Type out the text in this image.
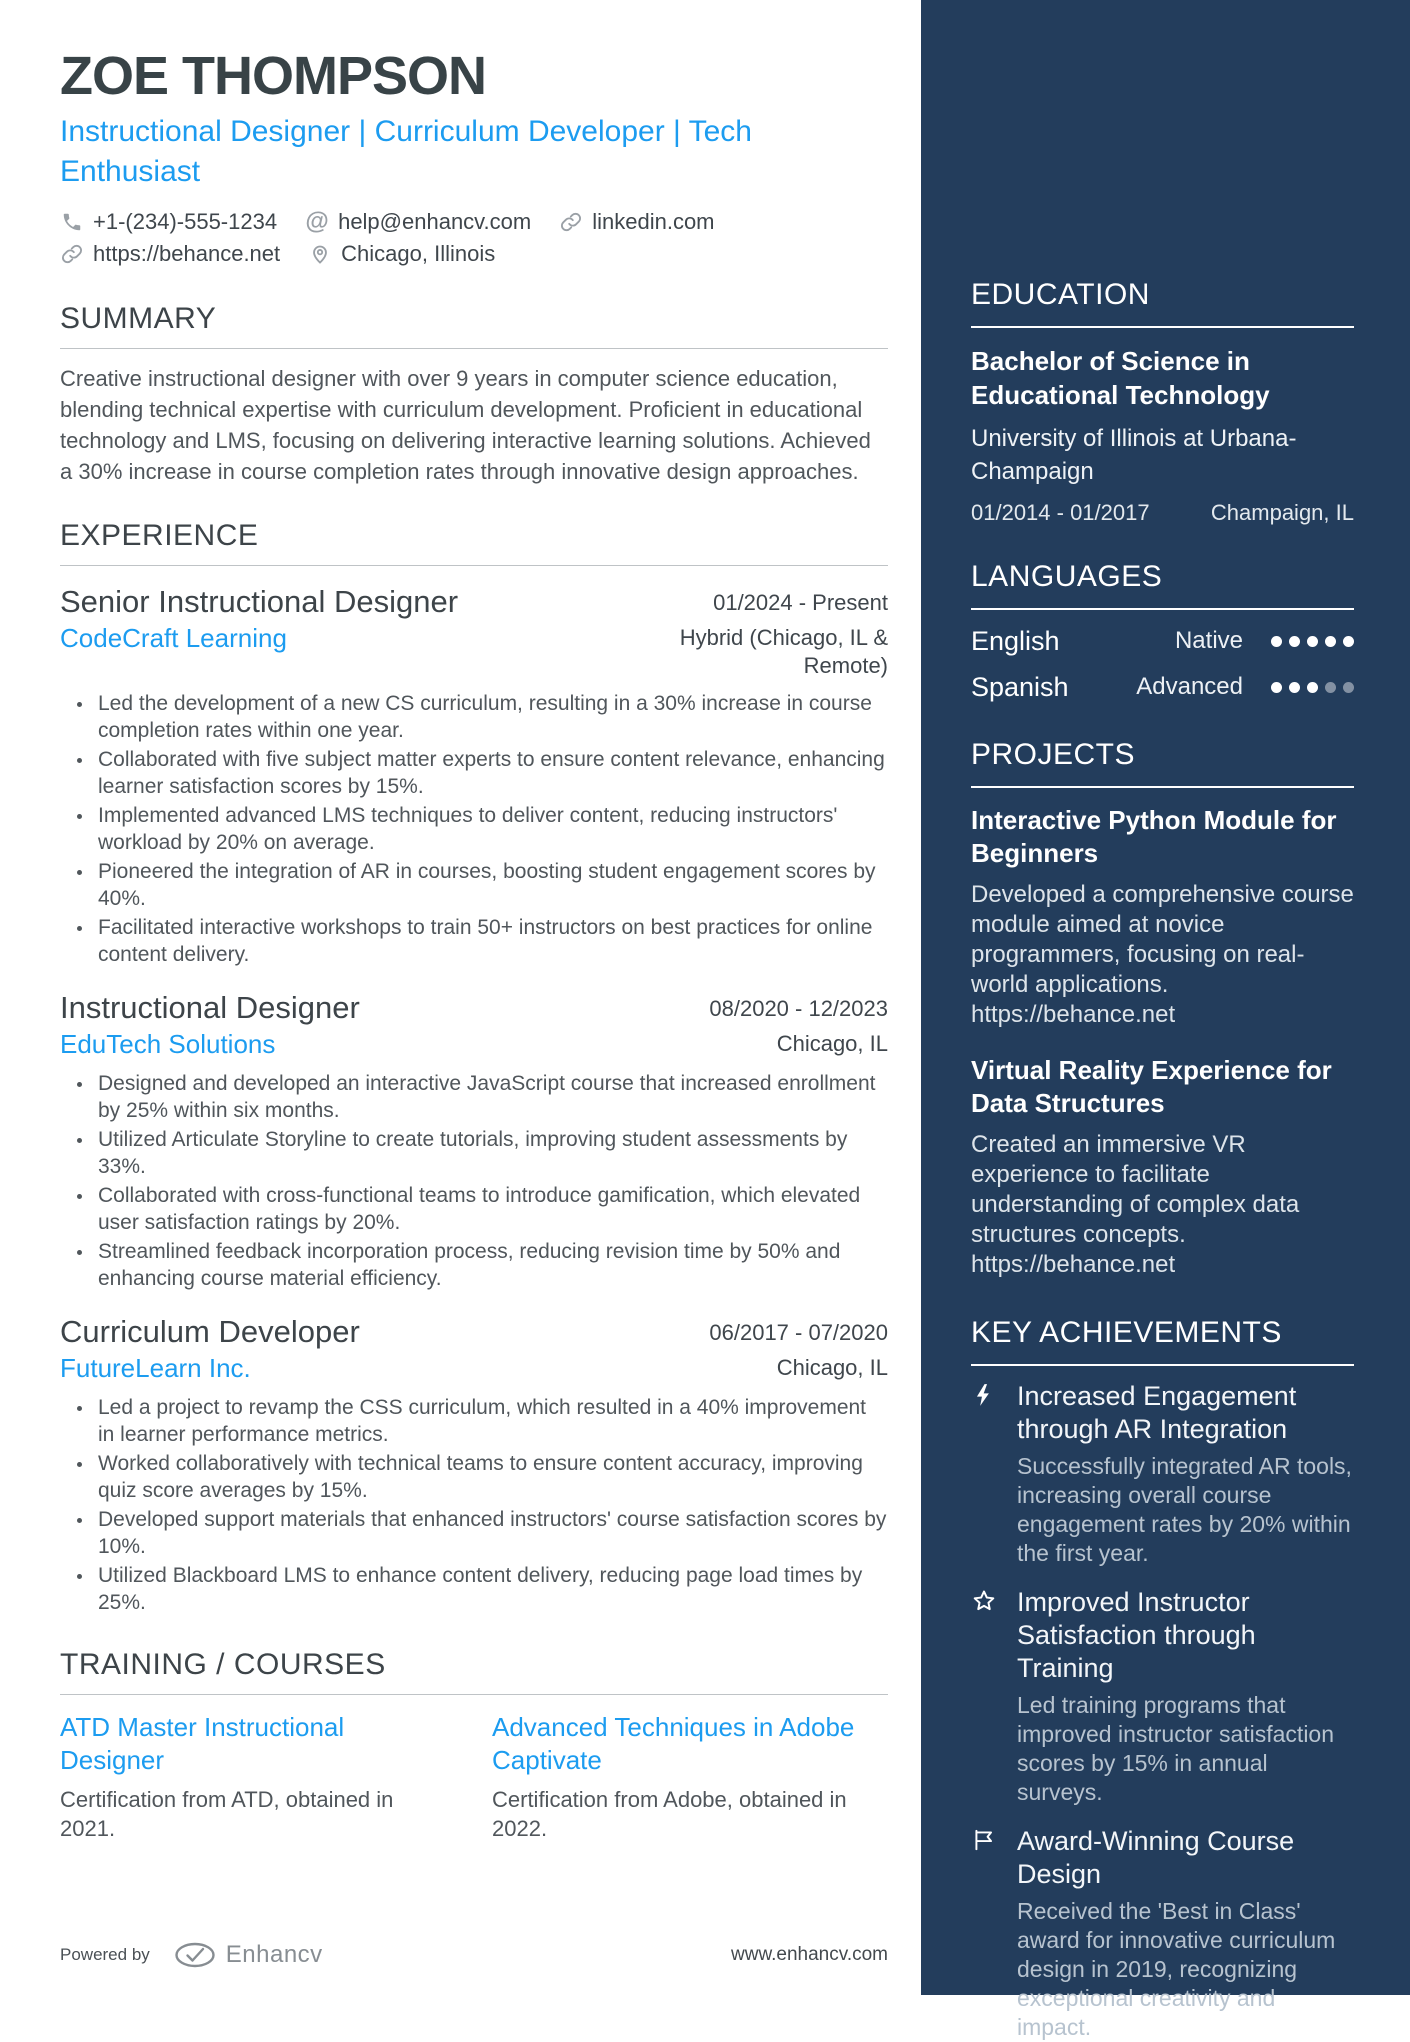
ZOE THOMPSON
Instructional Designer | Curriculum Developer | Tech Enthusiast
+1-(234)-555-1234 @ help@enhancv.com	linkedin.com
https://behance.net	Chicago, Illinois
SUMMARY

Creative instructional designer with over 9 years in computer science education, blending technical expertise with curriculum development. Proficient in educational technology and LMS, focusing on delivering interactive learning solutions. Achieved a 30% increase in course completion rates through innovative design approaches.

EXPERIENCE
Senior Instructional Designer	01/2024 - Present
CodeCraft Learning	Hybrid (Chicago, IL & Remote)
• Led the development of a new CS curriculum, resulting in a 30% increase in course completion rates within one year.
• Collaborated with five subject matter experts to ensure content relevance, enhancing learner satisfaction scores by 15%.
• Implemented advanced LMS techniques to deliver content, reducing instructors' workload by 20% on average.
• Pioneered the integration of AR in courses, boosting student engagement scores by 40%.
• Facilitated interactive workshops to train 50+ instructors on best practices for online content delivery.
Instructional Designer	08/2020 - 12/2023
EduTech Solutions	Chicago, IL
• Designed and developed an interactive JavaScript course that increased enrollment by 25% within six months.
• Utilized Articulate Storyline to create tutorials, improving student assessments by 33%.
• Collaborated with cross-functional teams to introduce gamification, which elevated user satisfaction ratings by 20%.
• Streamlined feedback incorporation process, reducing revision time by 50% and enhancing course material efficiency.
Curriculum Developer	06/2017 - 07/2020
FutureLearn Inc.	Chicago, IL
• Led a project to revamp the CSS curriculum, which resulted in a 40% improvement in learner performance metrics.
• Worked collaboratively with technical teams to ensure content accuracy, improving quiz score averages by 15%.
• Developed support materials that enhanced instructors' course satisfaction scores by 10%.
• Utilized Blackboard LMS to enhance content delivery, reducing page load times by 25%.
TRAINING / COURSES
ATD Master Instructional Designer
Certification from ATD, obtained in 2021.
Advanced Techniques in Adobe Captivate
Certification from Adobe, obtained in 2022.
Powered by	Enhancv	www.enhancv.com
EDUCATION
Bachelor of Science in Educational Technology
University of Illinois at Urbana-Champaign
01/2014 - 01/2017	Champaign, IL
LANGUAGES
English	Native
Spanish	Advanced
PROJECTS
Interactive Python Module for Beginners
Developed a comprehensive course module aimed at novice programmers, focusing on real-world applications.
https://behance.net
Virtual Reality Experience for Data Structures
Created an immersive VR experience to facilitate understanding of complex data structures concepts.
https://behance.net
KEY ACHIEVEMENTS
Increased Engagement through AR Integration
Successfully integrated AR tools, increasing overall course engagement rates by 20% within the first year.
Improved Instructor Satisfaction through Training
Led training programs that improved instructor satisfaction scores by 15% in annual surveys.
Award-Winning Course Design
Received the 'Best in Class' award for innovative curriculum design in 2019, recognizing exceptional creativity and impact.
